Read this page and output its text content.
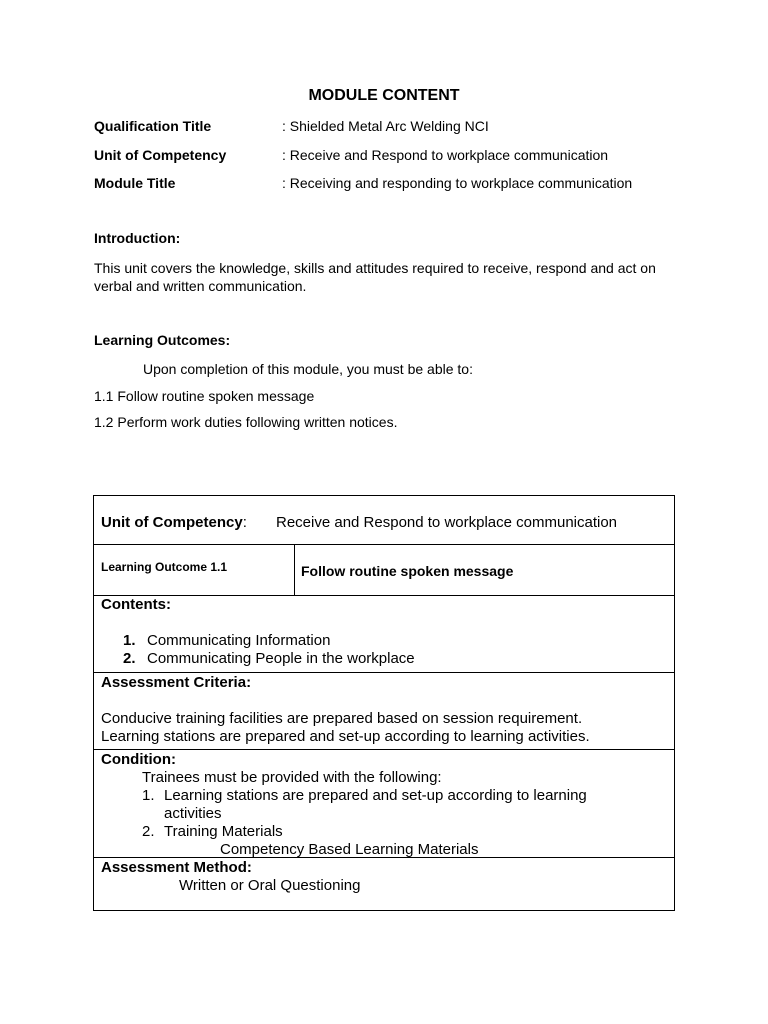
MODULE CONTENT
Qualification Title	: Shielded Metal Arc Welding NCI
Unit of Competency	: Receive and Respond to workplace communication
Module Title	: Receiving and responding to workplace communication
Introduction:
This unit covers the knowledge, skills and attitudes required to receive, respond and act on verbal and written communication.
Learning Outcomes:
Upon completion of this module, you must be able to:
1.1 Follow routine spoken message
1.2 Perform work duties following written notices.
Unit of Competency: Receive and Respond to workplace communication
Learning Outcome 1.1	Follow routine spoken message
Contents:
1. Communicating Information
2. Communicating People in the workplace
Assessment Criteria:
Conducive training facilities are prepared based on session requirement.
Learning stations are prepared and set-up according to learning activities.
Condition:
Trainees must be provided with the following:
1. Learning stations are prepared and set-up according to learning
activities
2. Training Materials
Competency Based Learning Materials
Assessment Method:
Written or Oral Questioning
